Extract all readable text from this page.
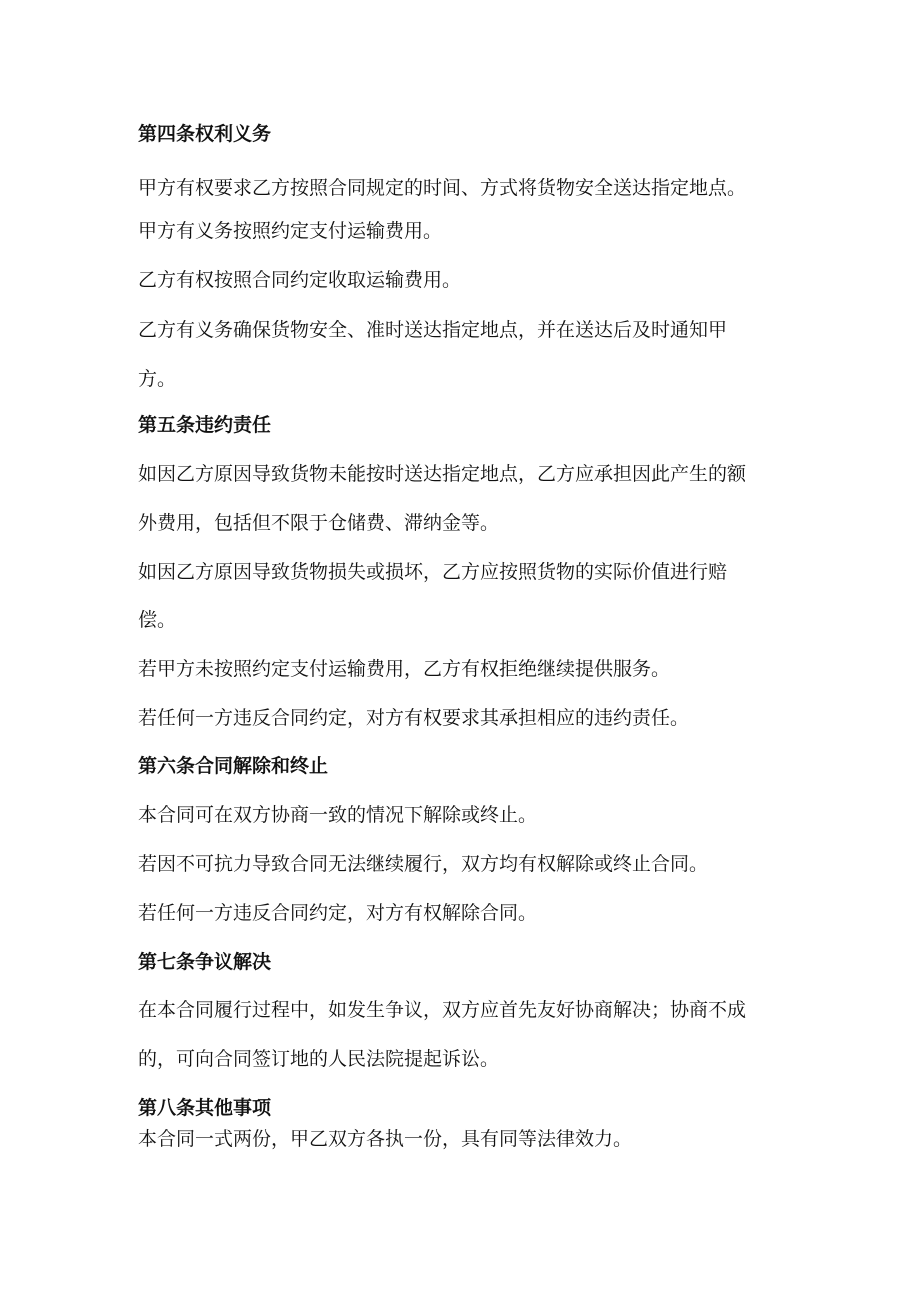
第四条权利义务

甲方有权要求乙方按照合同规定的时间、方式将货物安全送达指定地点。

甲方有义务按照约定支付运输费用。

乙方有权按照合同约定收取运输费用。

乙方有义务确保货物安全、准时送达指定地点，并在送达后及时通知甲

方。

第五条违约责任

如因乙方原因导致货物未能按时送达指定地点，乙方应承担因此产生的额

外费用，包括但不限于仓储费、滞纳金等。

如因乙方原因导致货物损失或损坏，乙方应按照货物的实际价值进行赔

偿。

若甲方未按照约定支付运输费用，乙方有权拒绝继续提供服务。

若任何一方违反合同约定，对方有权要求其承担相应的违约责任。

第六条合同解除和终止

本合同可在双方协商一致的情况下解除或终止。

若因不可抗力导致合同无法继续履行，双方均有权解除或终止合同。

若任何一方违反合同约定，对方有权解除合同。

第七条争议解决

在本合同履行过程中，如发生争议，双方应首先友好协商解决；协商不成

的，可向合同签订地的人民法院提起诉讼。

第八条其他事项

本合同一式两份，甲乙双方各执一份，具有同等法律效力。
